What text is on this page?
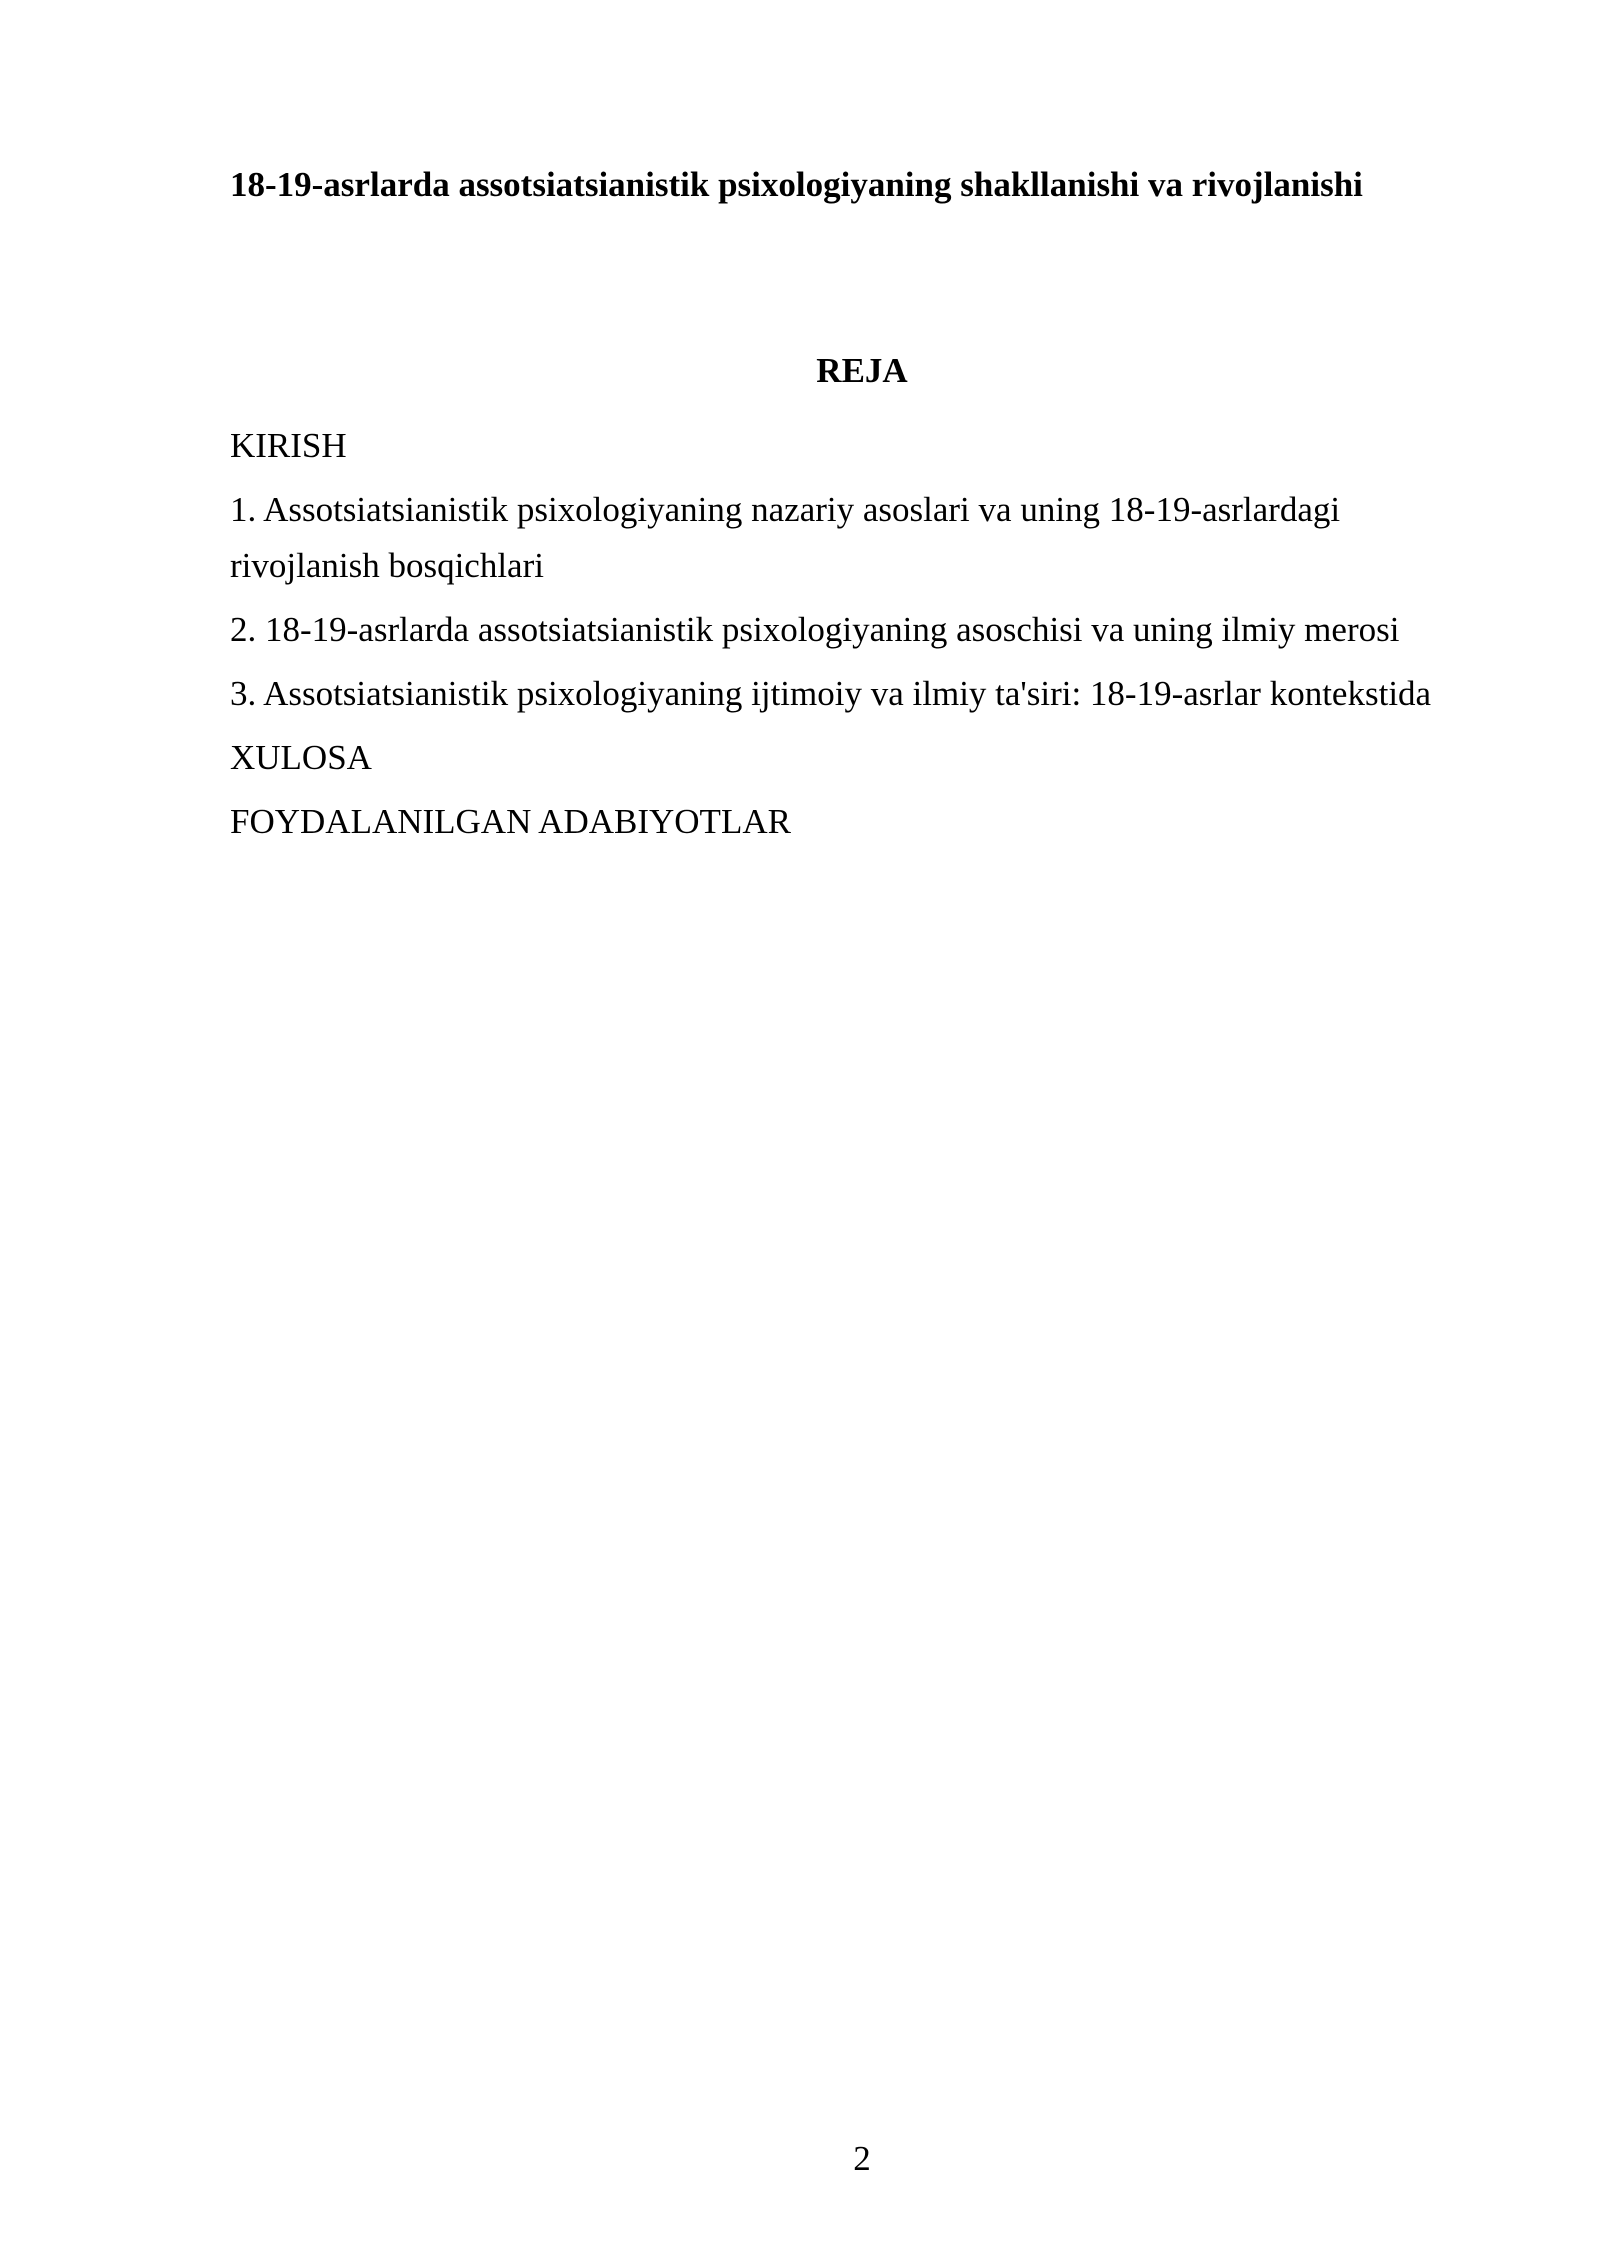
18-19-asrlarda assotsiatsianistik psixologiyaning shakllanishi va rivojlanishi
REJA
KIRISH
1. Assotsiatsianistik psixologiyaning nazariy asoslari va uning 18-19-asrlardagi rivojlanish bosqichlari
2. 18-19-asrlarda assotsiatsianistik psixologiyaning asoschisi va uning ilmiy merosi
3. Assotsiatsianistik psixologiyaning ijtimoiy va ilmiy ta'siri: 18-19-asrlar kontekstida
XULOSA
FOYDALANILGAN ADABIYOTLAR
2
